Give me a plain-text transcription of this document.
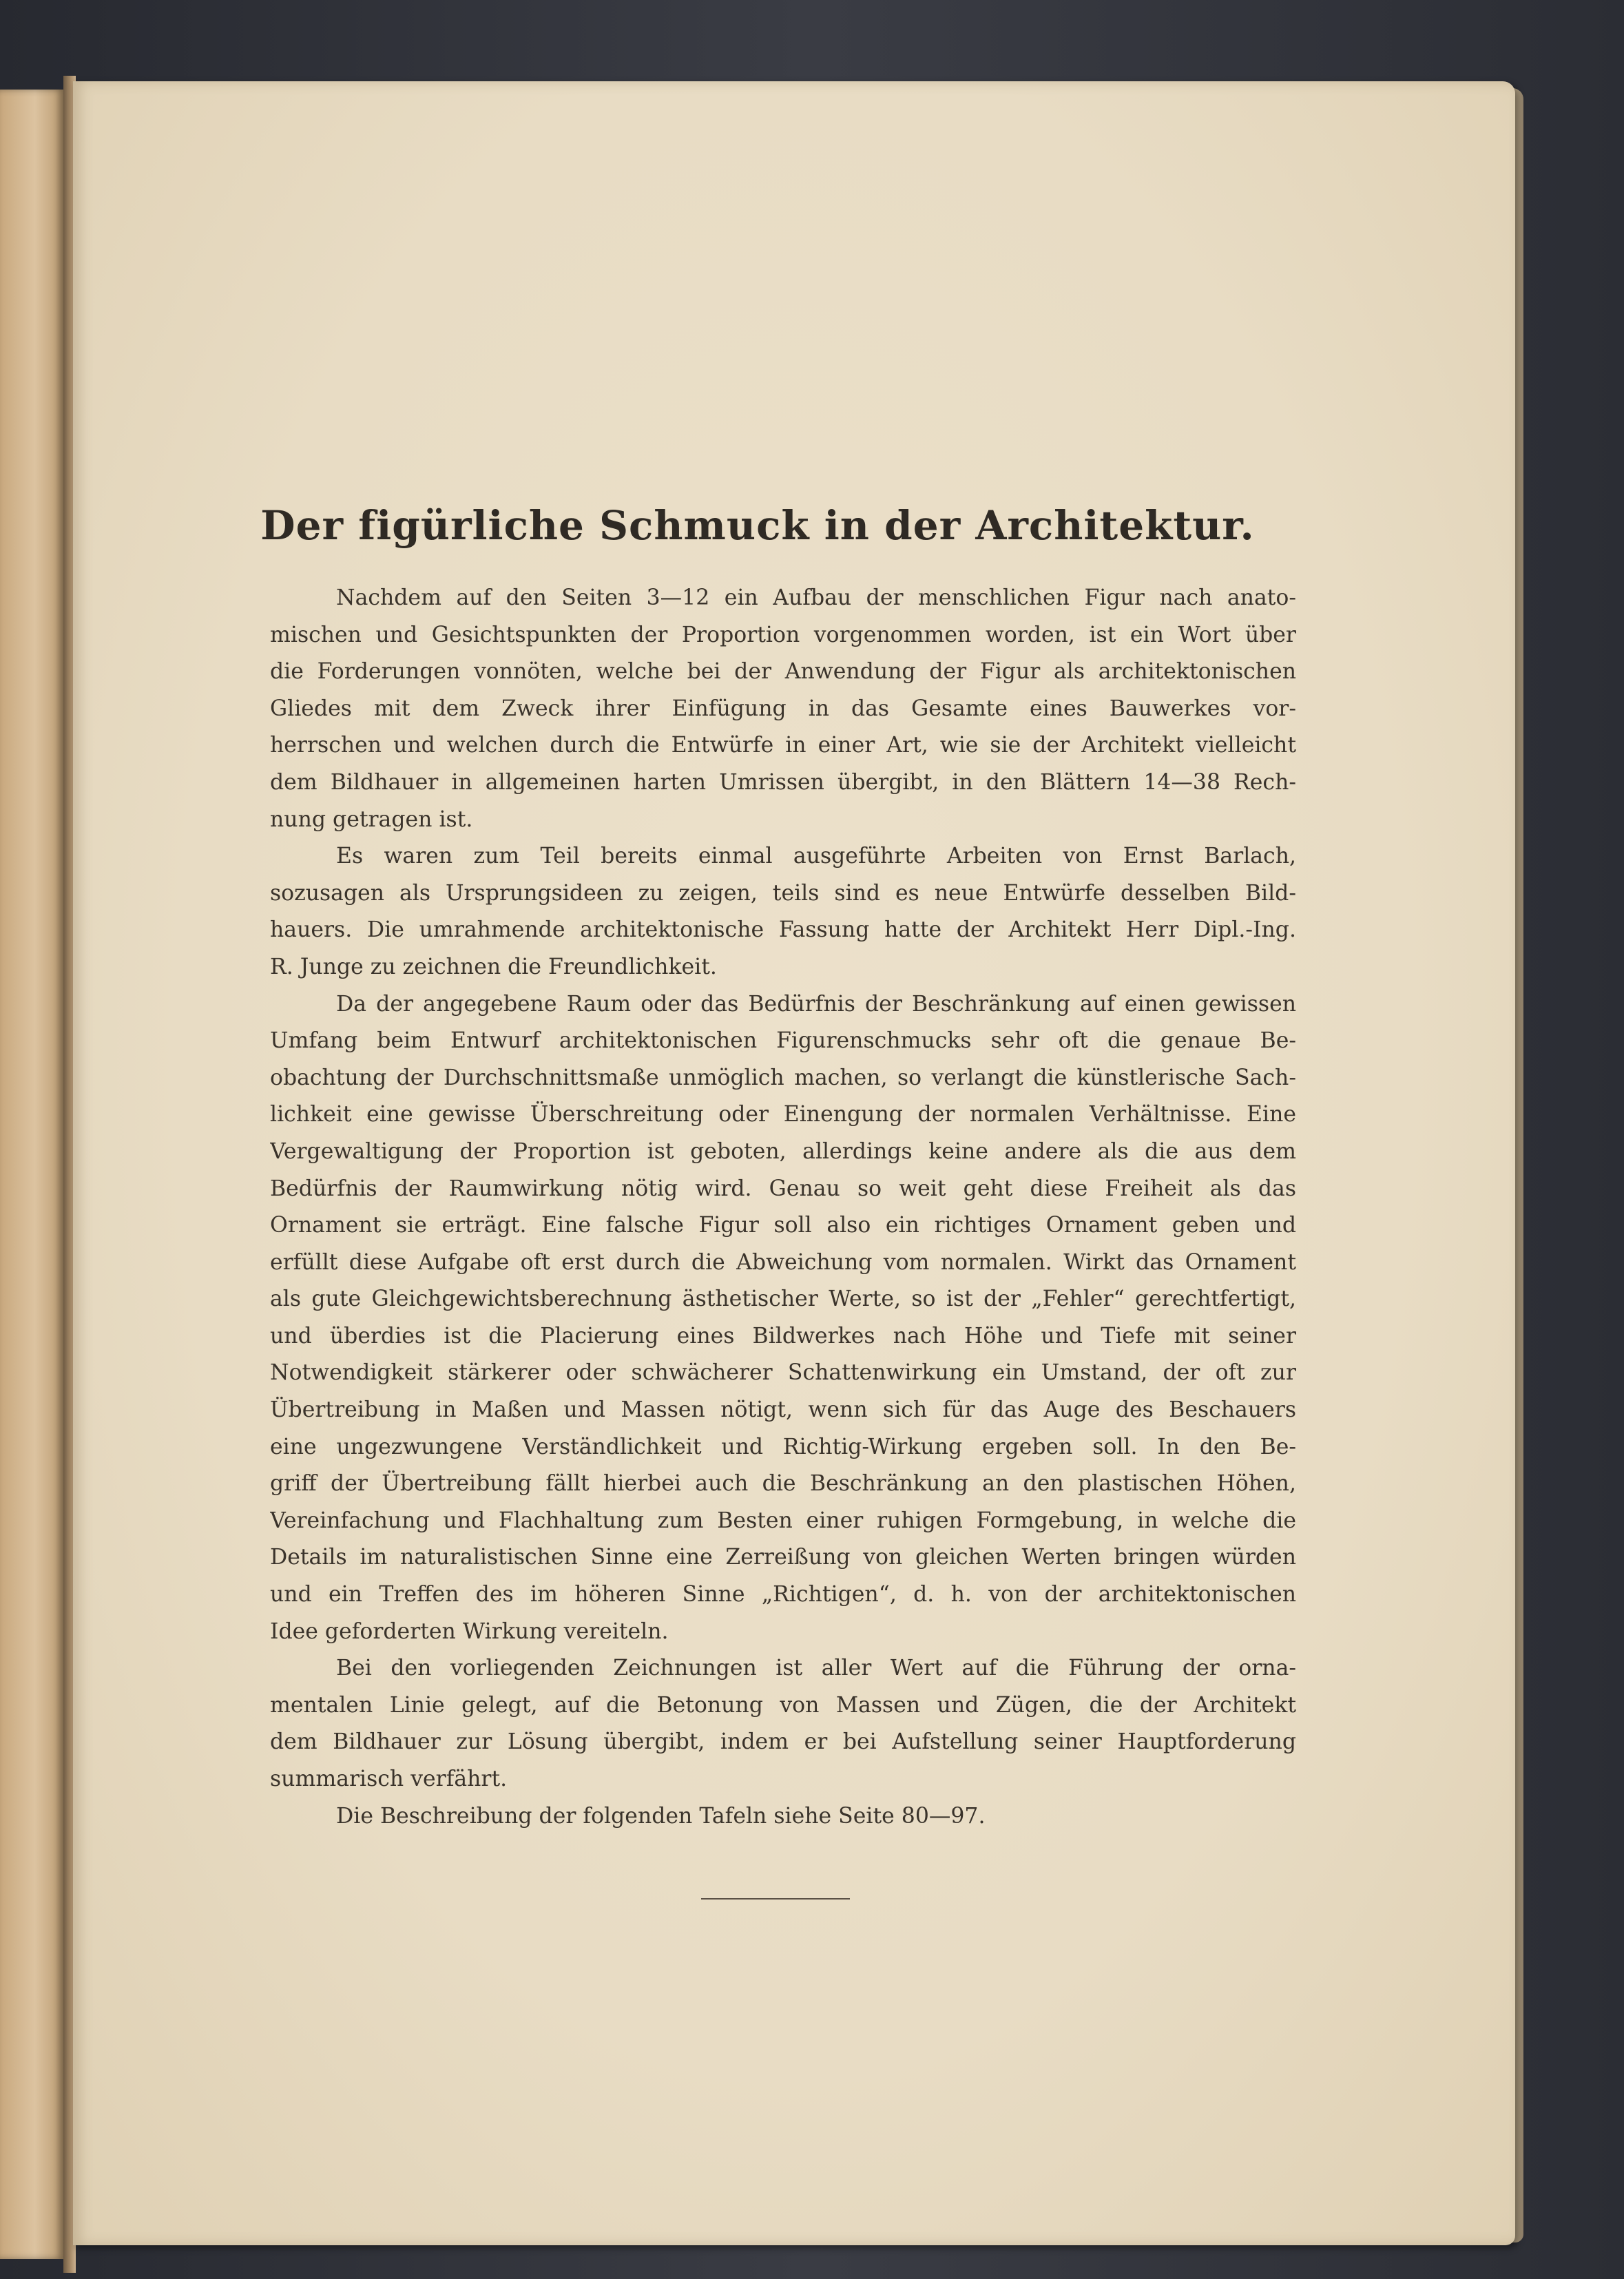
Der figürliche Schmuck in der Architektur.
Nachdem auf den Seiten 3—12 ein Aufbau der menschlichen Figur nach anato-
mischen und Gesichtspunkten der Proportion vorgenommen worden, ist ein Wort über
die Forderungen vonnöten, welche bei der Anwendung der Figur als architektonischen
Gliedes mit dem Zweck ihrer Einfügung in das Gesamte eines Bauwerkes vor-
herrschen und welchen durch die Entwürfe in einer Art, wie sie der Architekt vielleicht
dem Bildhauer in allgemeinen harten Umrissen übergibt, in den Blättern 14—38 Rech-
nung getragen ist.
Es waren zum Teil bereits einmal ausgeführte Arbeiten von Ernst Barlach,
sozusagen als Ursprungsideen zu zeigen, teils sind es neue Entwürfe desselben Bild-
hauers. Die umrahmende architektonische Fassung hatte der Architekt Herr Dipl.-Ing.
R. Junge zu zeichnen die Freundlichkeit.
Da der angegebene Raum oder das Bedürfnis der Beschränkung auf einen gewissen
Umfang beim Entwurf architektonischen Figurenschmucks sehr oft die genaue Be-
obachtung der Durchschnittsmaße unmöglich machen, so verlangt die künstlerische Sach-
lichkeit eine gewisse Überschreitung oder Einengung der normalen Verhältnisse. Eine
Vergewaltigung der Proportion ist geboten, allerdings keine andere als die aus dem
Bedürfnis der Raumwirkung nötig wird. Genau so weit geht diese Freiheit als das
Ornament sie erträgt. Eine falsche Figur soll also ein richtiges Ornament geben und
erfüllt diese Aufgabe oft erst durch die Abweichung vom normalen. Wirkt das Ornament
als gute Gleichgewichtsberechnung ästhetischer Werte, so ist der „Fehler“ gerechtfertigt,
und überdies ist die Placierung eines Bildwerkes nach Höhe und Tiefe mit seiner
Notwendigkeit stärkerer oder schwächerer Schattenwirkung ein Umstand, der oft zur
Übertreibung in Maßen und Massen nötigt, wenn sich für das Auge des Beschauers
eine ungezwungene Verständlichkeit und Richtig-Wirkung ergeben soll. In den Be-
griff der Übertreibung fällt hierbei auch die Beschränkung an den plastischen Höhen,
Vereinfachung und Flachhaltung zum Besten einer ruhigen Formgebung, in welche die
Details im naturalistischen Sinne eine Zerreißung von gleichen Werten bringen würden
und ein Treffen des im höheren Sinne „Richtigen“, d. h. von der architektonischen
Idee geforderten Wirkung vereiteln.
Bei den vorliegenden Zeichnungen ist aller Wert auf die Führung der orna-
mentalen Linie gelegt, auf die Betonung von Massen und Zügen, die der Architekt
dem Bildhauer zur Lösung übergibt, indem er bei Aufstellung seiner Hauptforderung
summarisch verfährt.
Die Beschreibung der folgenden Tafeln siehe Seite 80—97.
